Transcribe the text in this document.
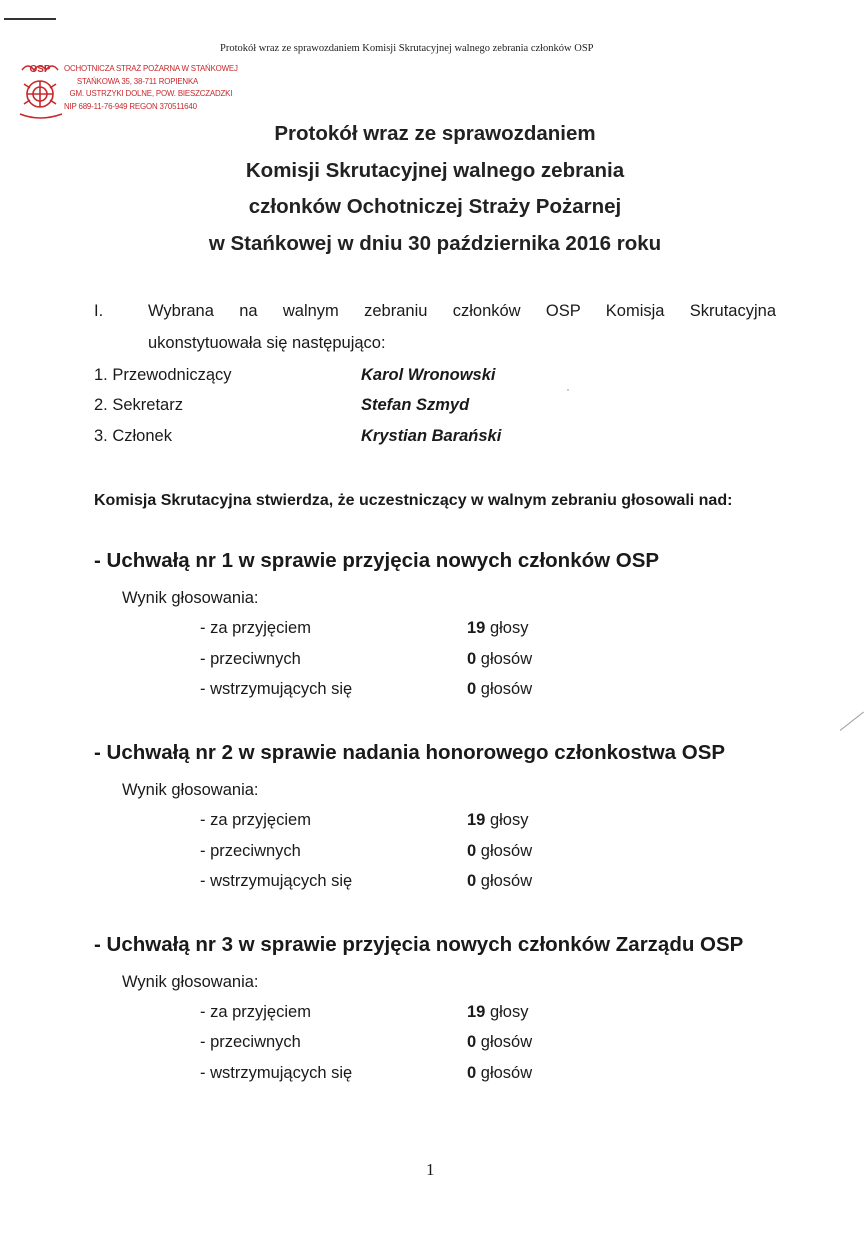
Protokół wraz ze sprawozdaniem Komisji Skrutacyjnej walnego zebrania członków OSP
OSP OCHOTNICZA STRAŻ POŻARNA W STAŃKOWEJ
STAŃKOWA 35, 38-711 ROPIENKA
GM. USTRZYKI DOLNE, POW. BIESZCZADZKI
NIP 689-11-76-949 REGON 370511640
Protokół wraz ze sprawozdaniem
Komisji Skrutacyjnej walnego zebrania
członków Ochotniczej Straży Pożarnej
w Stańkowej w dniu 30 października 2016 roku
I.	Wybrana na walnym zebraniu członków OSP Komisja Skrutacyjna
ukonstytuowała się następująco:
1. Przewodniczący	Karol Wronowski
2. Sekretarz	Stefan Szmyd
3. Członek	Krystian Barański
Komisja Skrutacyjna stwierdza, że uczestniczący w walnym zebraniu głosowali nad:
- Uchwałą nr 1 w sprawie przyjęcia nowych członków OSP
Wynik głosowania:
- za przyjęciem	19 głosy
- przeciwnych	0 głosów
- wstrzymujących się	0 głosów
- Uchwałą nr 2 w sprawie nadania honorowego członkostwa OSP
Wynik głosowania:
- za przyjęciem	19 głosy
- przeciwnych	0 głosów
- wstrzymujących się	0 głosów
- Uchwałą nr 3 w sprawie przyjęcia nowych członków Zarządu OSP
Wynik głosowania:
- za przyjęciem	19 głosy
- przeciwnych	0 głosów
- wstrzymujących się	0 głosów
1
